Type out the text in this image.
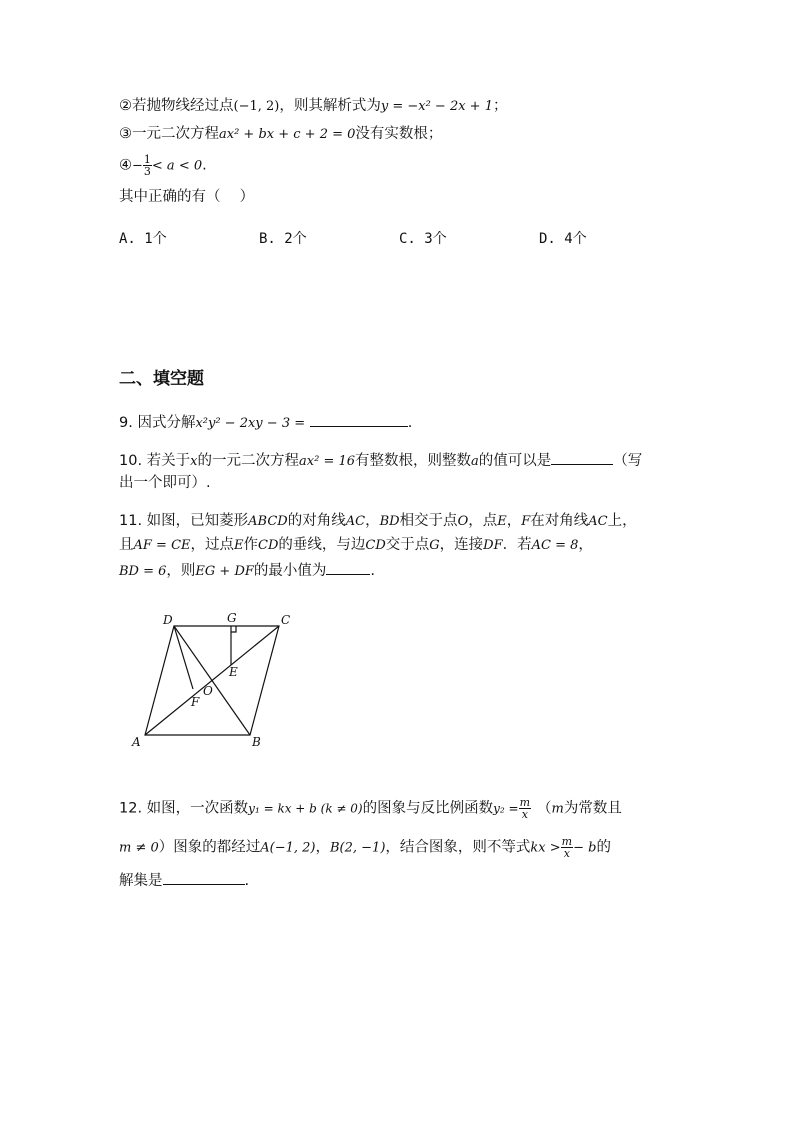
②若抛物线经过点(−1, 2)，则其解析式为y = −x² − 2x + 1；
③一元二次方程ax² + bx + c + 2 = 0没有实数根；
④− $\frac{1}{3} < a < 0$.
其中正确的有（　 ）
A. 1个	B. 2个	C. 3个	D. 4个
二、填空题
9. 因式分解x²y² − 2xy − 3 =	.
10. 若关于x的一元二次方程ax² = 16有整数根，则整数a的值可以是	（写
出一个即可）.
11. 如图，已知菱形ABCD的对角线AC，BD相交于点O，点E，F在对角线AC上，
且AF = CE，过点E作CD的垂线，与边CD交于点G，连接DF．若AC = 8，
BD = 6，则EG + DF的最小值为	.
D	G	C
E
O
F
A	B
12. 如图，一次函数y₁ = kx + b (k ≠ 0)的图象与反比例函数$y_2 = \frac{m}{x} (m$为常数且
m ≠ 0）图象的都经过A(−1, 2)，B(2, −1)，结合图象，则不等式kx > $\frac{m}{x} - b$的
解集是	.
